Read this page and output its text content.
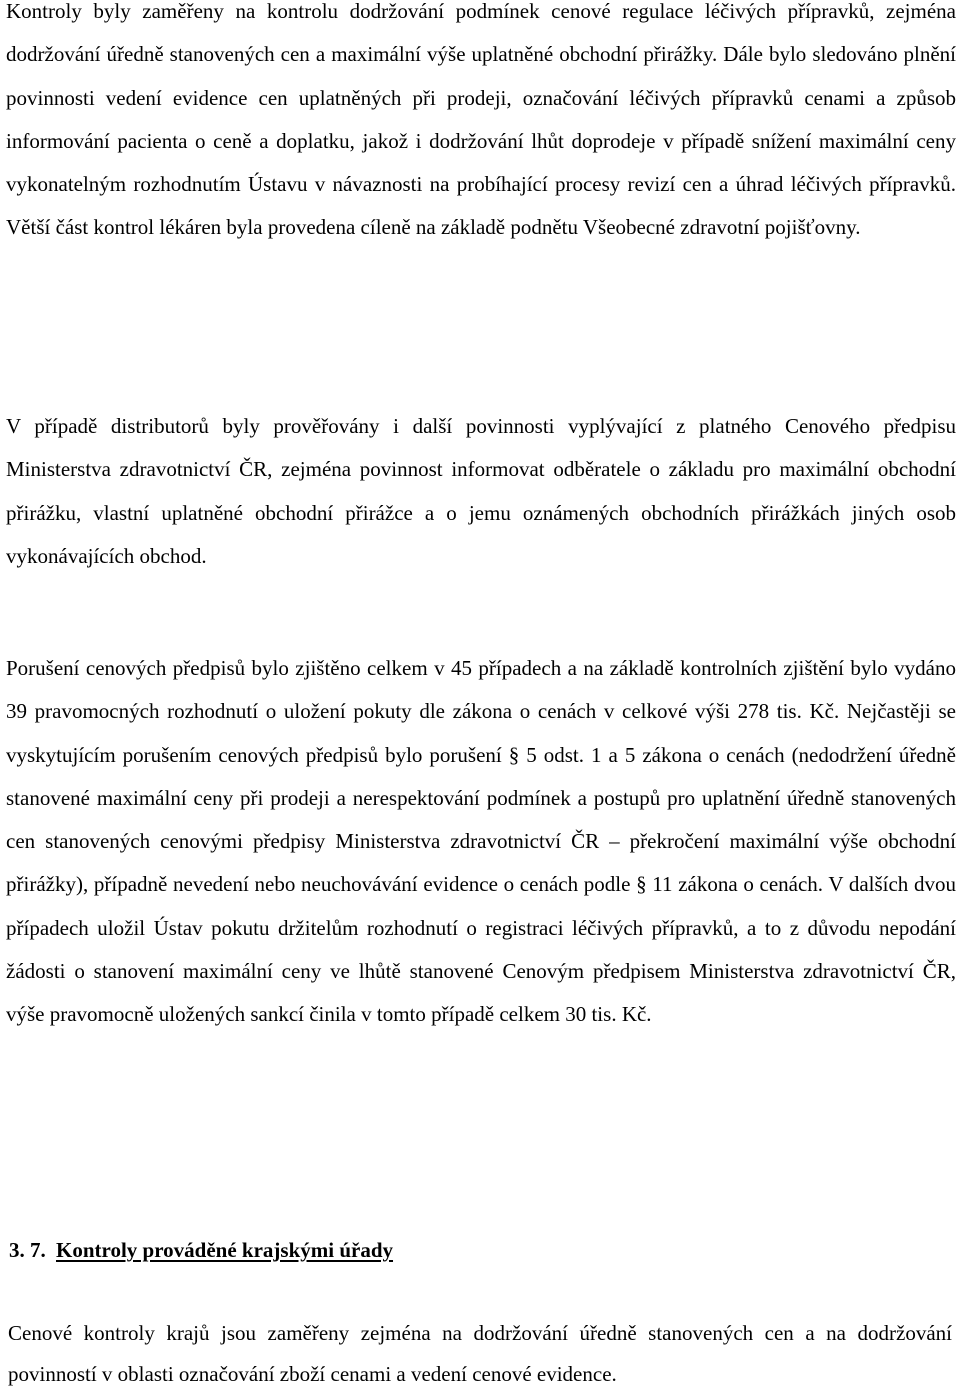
Kontroly byly zaměřeny na kontrolu dodržování podmínek cenové regulace léčivých přípravků, zejména dodržování úředně stanovených cen a maximální výše uplatněné obchodní přirážky. Dále bylo sledováno plnění povinnosti vedení evidence cen uplatněných při prodeji, označování léčivých přípravků cenami a způsob informování pacienta o ceně a doplatku, jakož i dodržování lhůt doprodeje v případě snížení maximální ceny vykonatelným rozhodnutím Ústavu v návaznosti na probíhající procesy revizí cen a úhrad léčivých přípravků. Větší část kontrol lékáren byla provedena cíleně na základě podnětu Všeobecné zdravotní pojišťovny.

V případě distributorů byly prověřovány i další povinnosti vyplývající z platného Cenového předpisu Ministerstva zdravotnictví ČR, zejména povinnost informovat odběratele o základu pro maximální obchodní přirážku, vlastní uplatněné obchodní přirážce a o jemu oznámených obchodních přirážkách jiných osob vykonávajících obchod.

Porušení cenových předpisů bylo zjištěno celkem v 45 případech a na základě kontrolních zjištění bylo vydáno 39 pravomocných rozhodnutí o uložení pokuty dle zákona o cenách v celkové výši 278 tis. Kč. Nejčastěji se vyskytujícím porušením cenových předpisů bylo porušení § 5 odst. 1 a 5 zákona o cenách (nedodržení úředně stanovené maximální ceny při prodeji a nerespektování podmínek a postupů pro uplatnění úředně stanovených cen stanovených cenovými předpisy Ministerstva zdravotnictví ČR – překročení maximální výše obchodní přirážky), případně nevedení nebo neuchovávání evidence o cenách podle § 11 zákona o cenách. V dalších dvou případech uložil Ústav pokutu držitelům rozhodnutí o registraci léčivých přípravků, a to z důvodu nepodání žádosti o stanovení maximální ceny ve lhůtě stanovené Cenovým předpisem Ministerstva zdravotnictví ČR, výše pravomocně uložených sankcí činila v tomto případě celkem 30 tis. Kč.

3. 7. Kontroly prováděné krajskými úřady

Cenové kontroly krajů jsou zaměřeny zejména na dodržování úředně stanovených cen a na dodržování povinností v oblasti označování zboží cenami a vedení cenové evidence.
